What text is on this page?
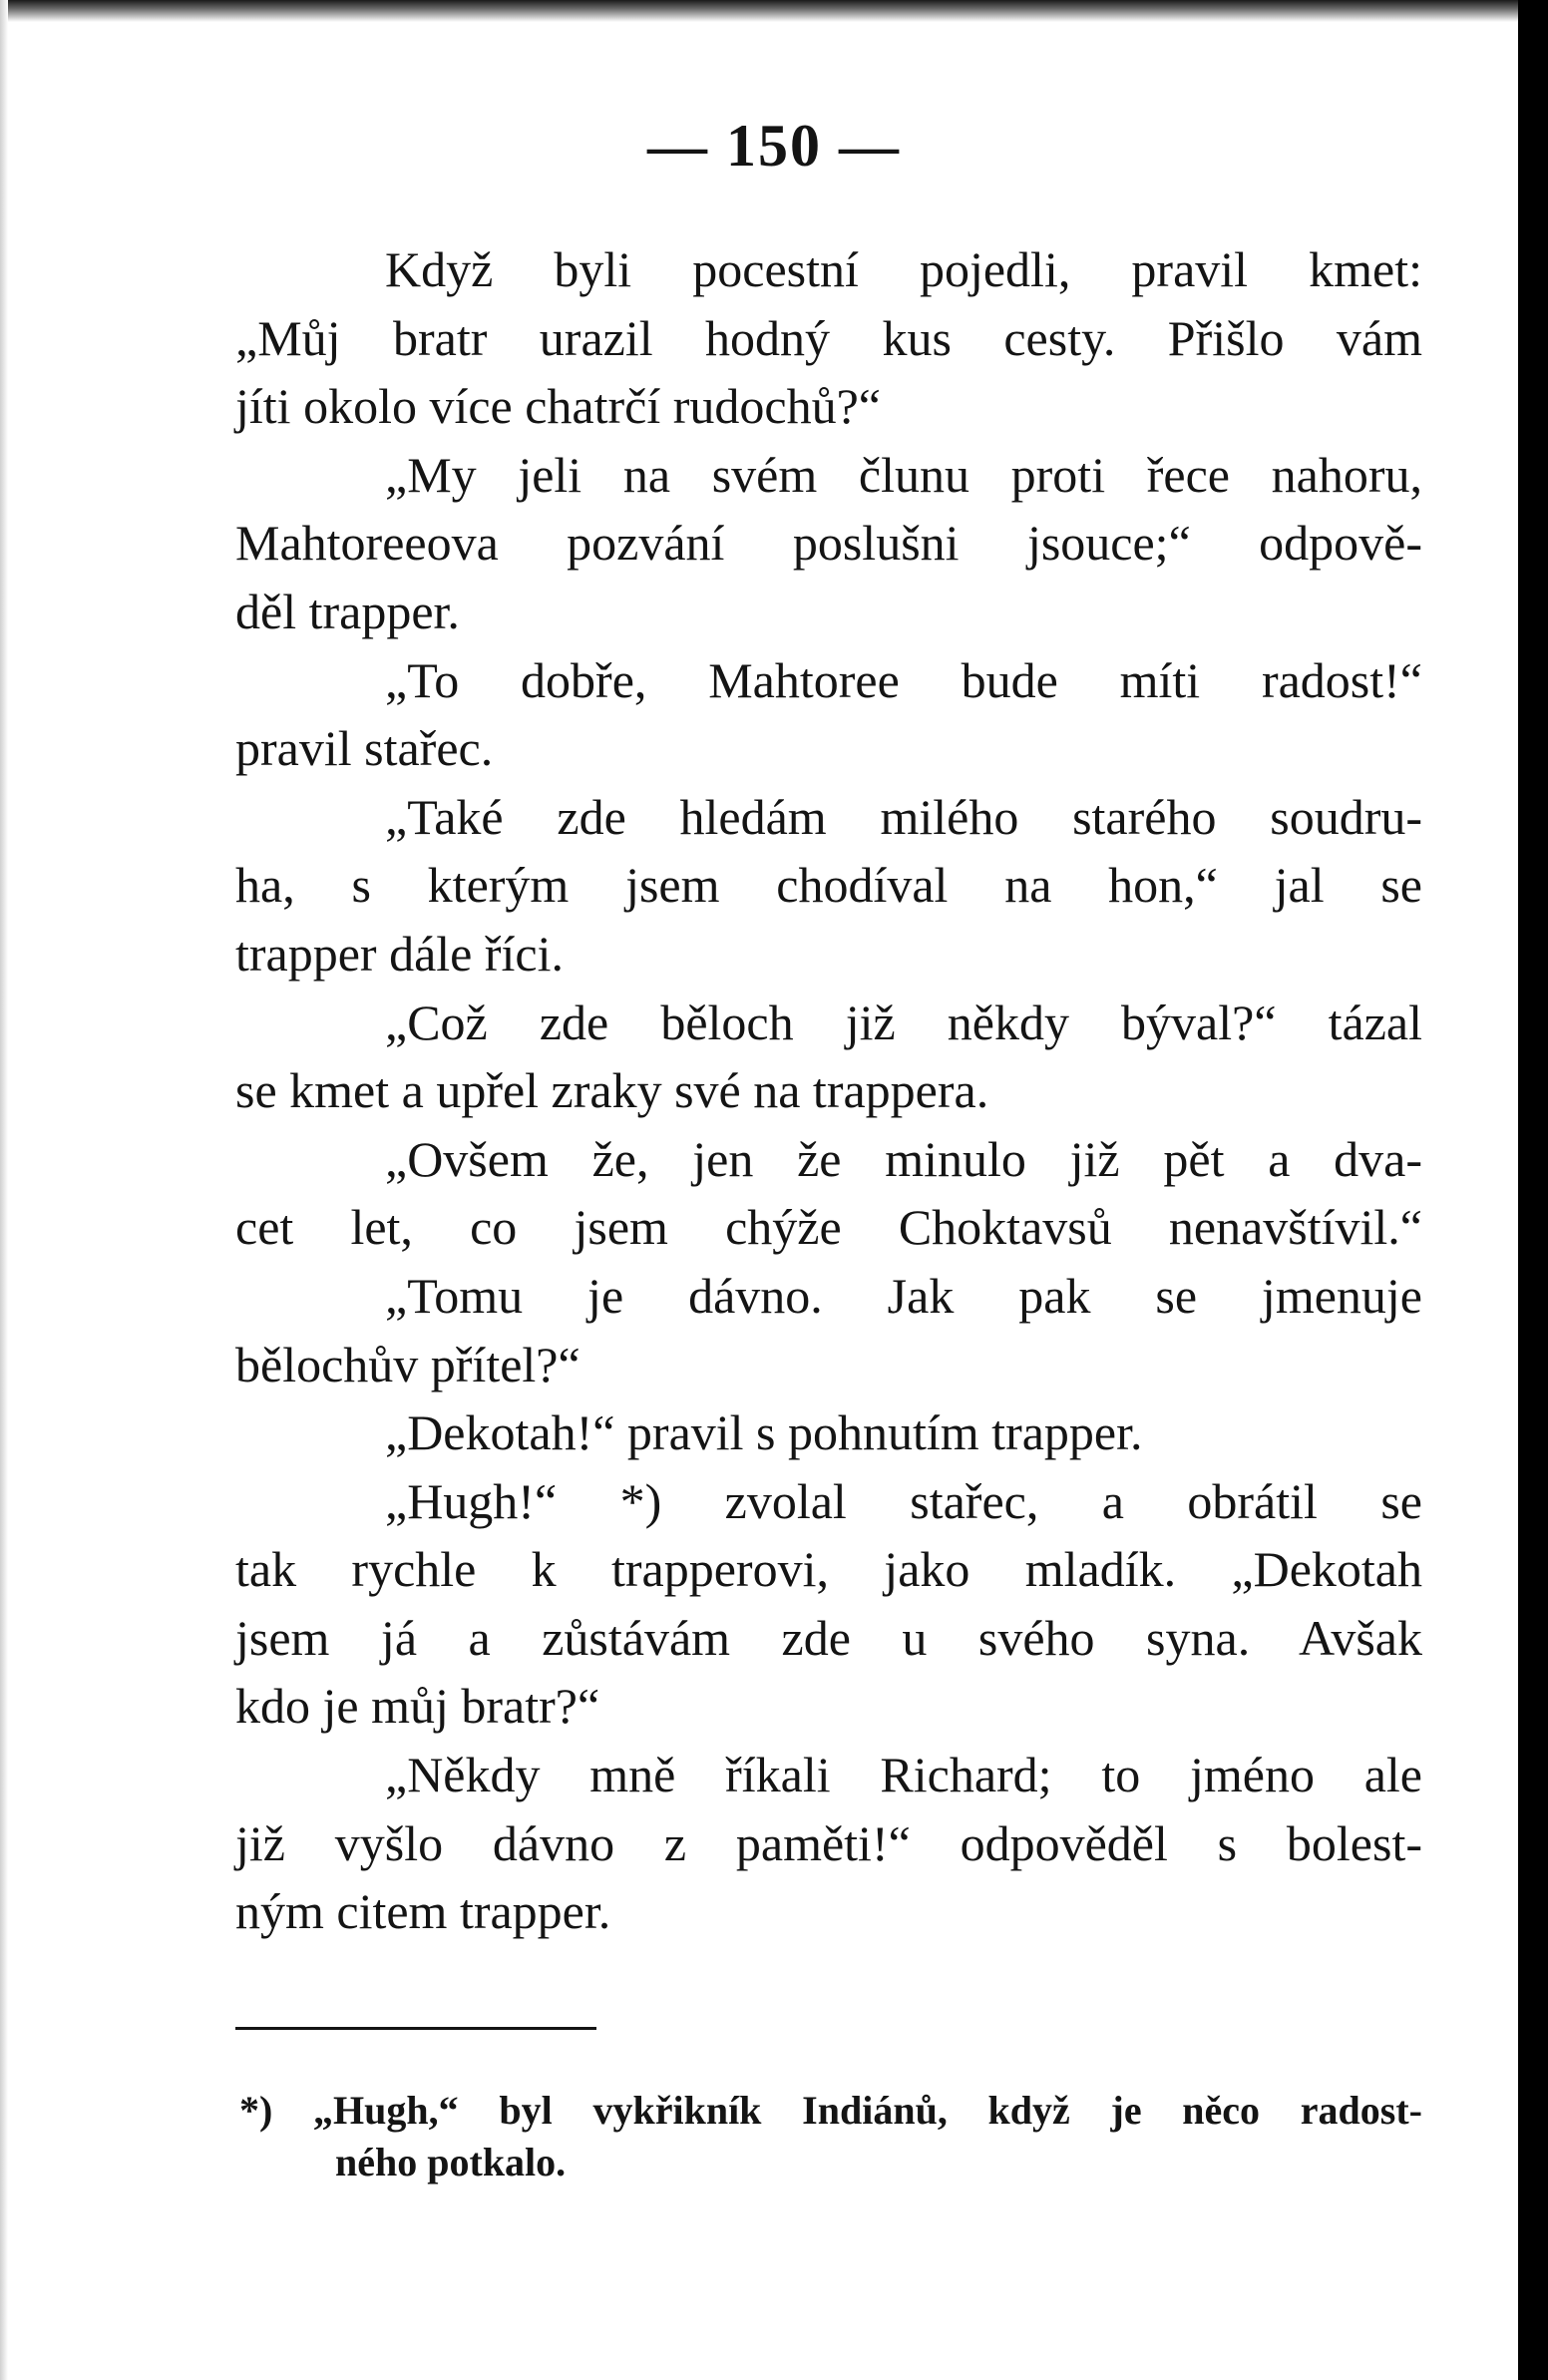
— 150 —
Když byli pocestní pojedli, pravil kmet:
„Můj bratr urazil hodný kus cesty. Přišlo vám
jíti okolo více chatrčí rudochů?“
„My jeli na svém člunu proti řece nahoru,
Mahtoreeova pozvání poslušni jsouce;“ odpově-
děl trapper.
„To dobře, Mahtoree bude míti radost!“
pravil stařec.
„Také zde hledám milého starého soudru-
ha, s kterým jsem chodíval na hon,“ jal se
trapper dále říci.
„Což zde běloch již někdy býval?“ tázal
se kmet a upřel zraky své na trappera.
„Ovšem že, jen že minulo již pět a dva-
cet let, co jsem chýže Choktavsů nenavštívil.“
„Tomu je dávno. Jak pak se jmenuje
bělochův přítel?“
„Dekotah!“ pravil s pohnutím trapper.
„Hugh!“ *) zvolal stařec, a obrátil se
tak rychle k trapperovi, jako mladík. „Dekotah
jsem já a zůstávám zde u svého syna. Avšak
kdo je můj bratr?“
„Někdy mně říkali Richard; to jméno ale
již vyšlo dávno z paměti!“ odpověděl s bolest-
ným citem trapper.
*) „Hugh,“ byl vykřikník Indiánů, když je něco radost-
ného potkalo.
